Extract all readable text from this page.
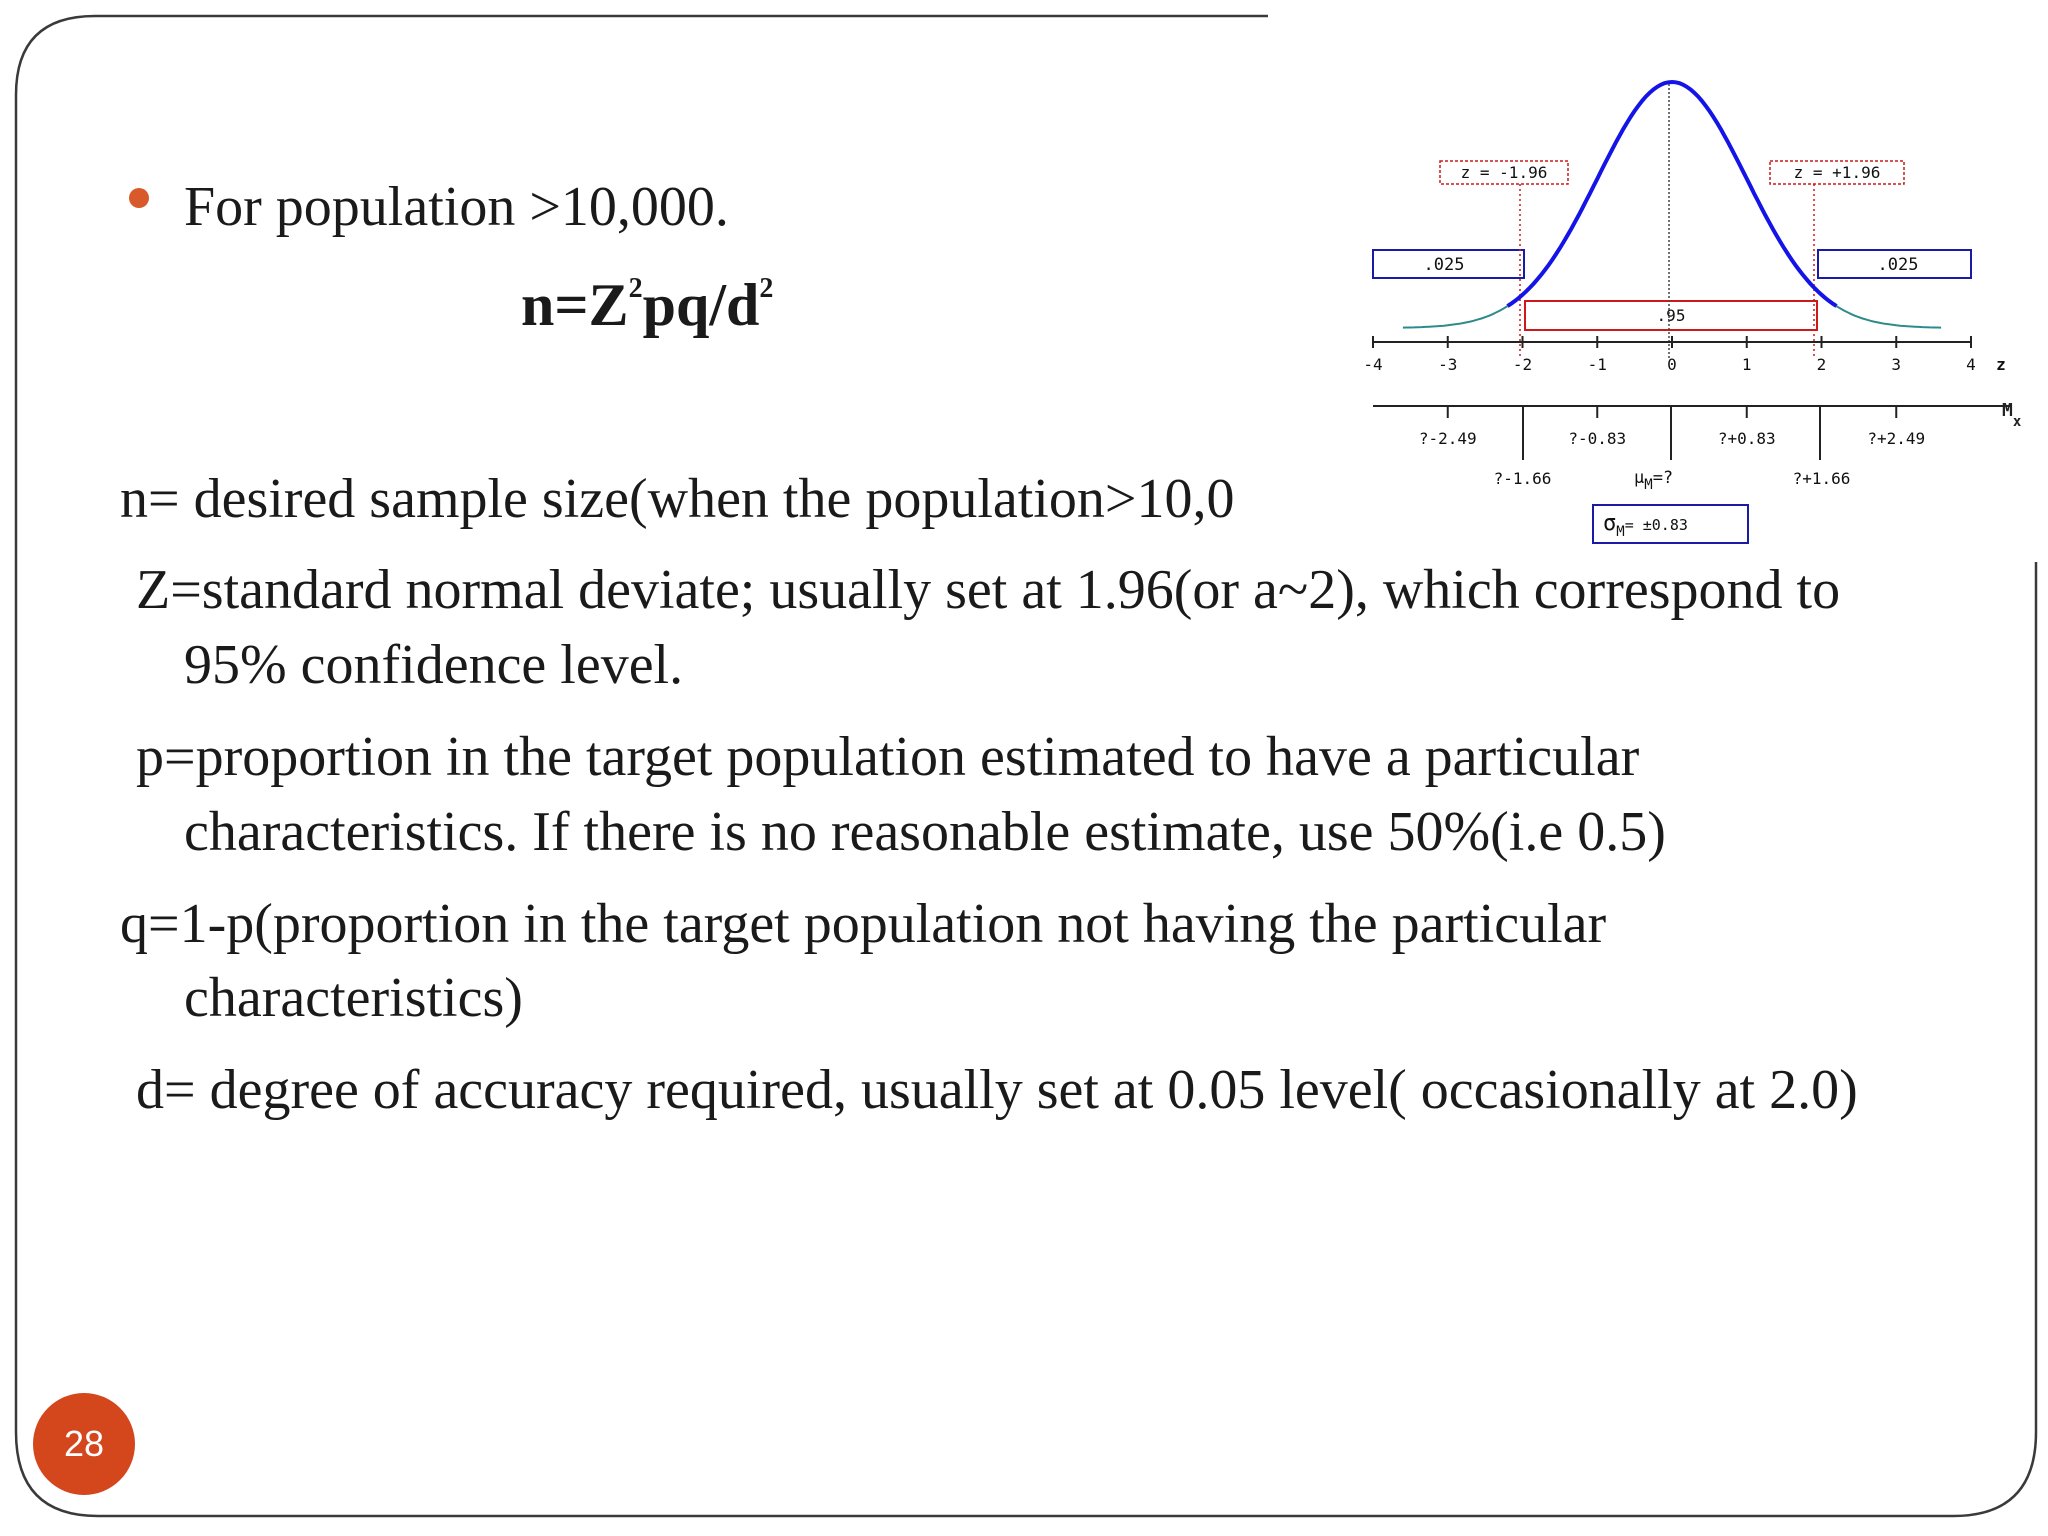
For population >10,000.
$n=Z^2pq/d^2$
n= desired sample size(when the population>10,0
Z=standard normal deviate; usually set at 1.96(or a~2), which correspond to
95% confidence level.
p=proportion in the target population estimated to have a particular
characteristics. If there is no reasonable estimate, use 50%(i.e 0.5)
q=1-p(proportion in the target population not having the particular
characteristics)
d= degree of accuracy required, usually set at 0.05 level( occasionally at 2.0)
28
.025	.025
.95
z = -1.96	z = +1.96
-4	-3	-2	-1	0	1	2	3	4 z
?-2.49	?-0.83	?+0.83	?+2.49
?-1.66	?+1.66
$M_x$
$\mu_M=$?
$\sigma_M= \pm 0.83$
